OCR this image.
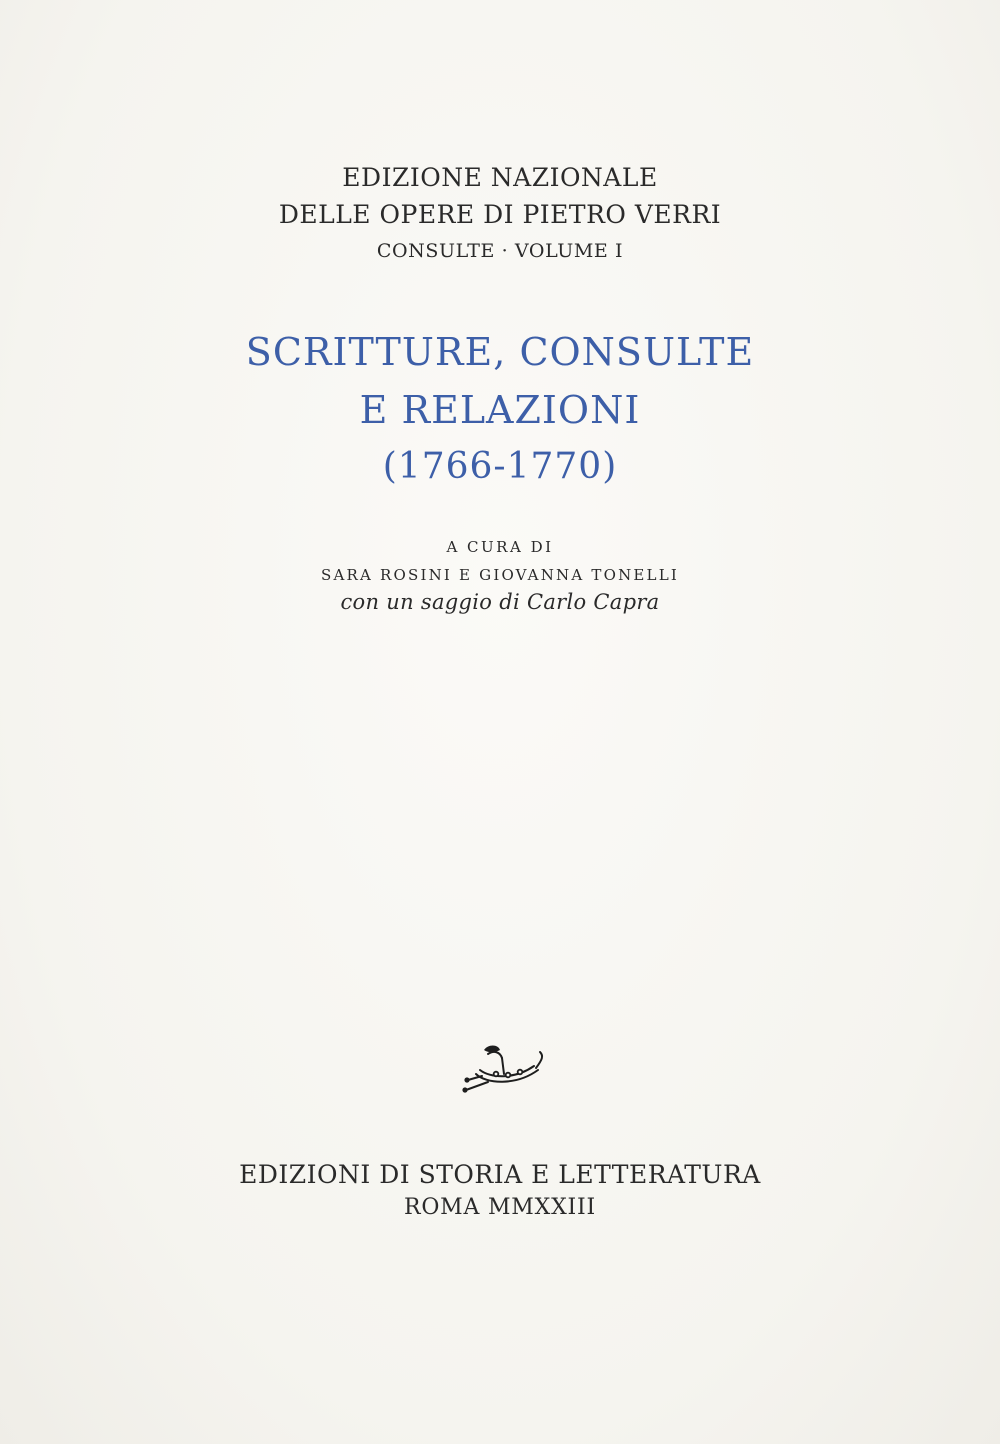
EDIZIONE NAZIONALE
DELLE OPERE DI PIETRO VERRI
CONSULTE · VOLUME I
SCRITTURE, CONSULTE
E RELAZIONI
(1766-1770)
A CURA DI
SARA ROSINI E GIOVANNA TONELLI
con un saggio di Carlo Capra
EDIZIONI DI STORIA E LETTERATURA
ROMA MMXXIII
